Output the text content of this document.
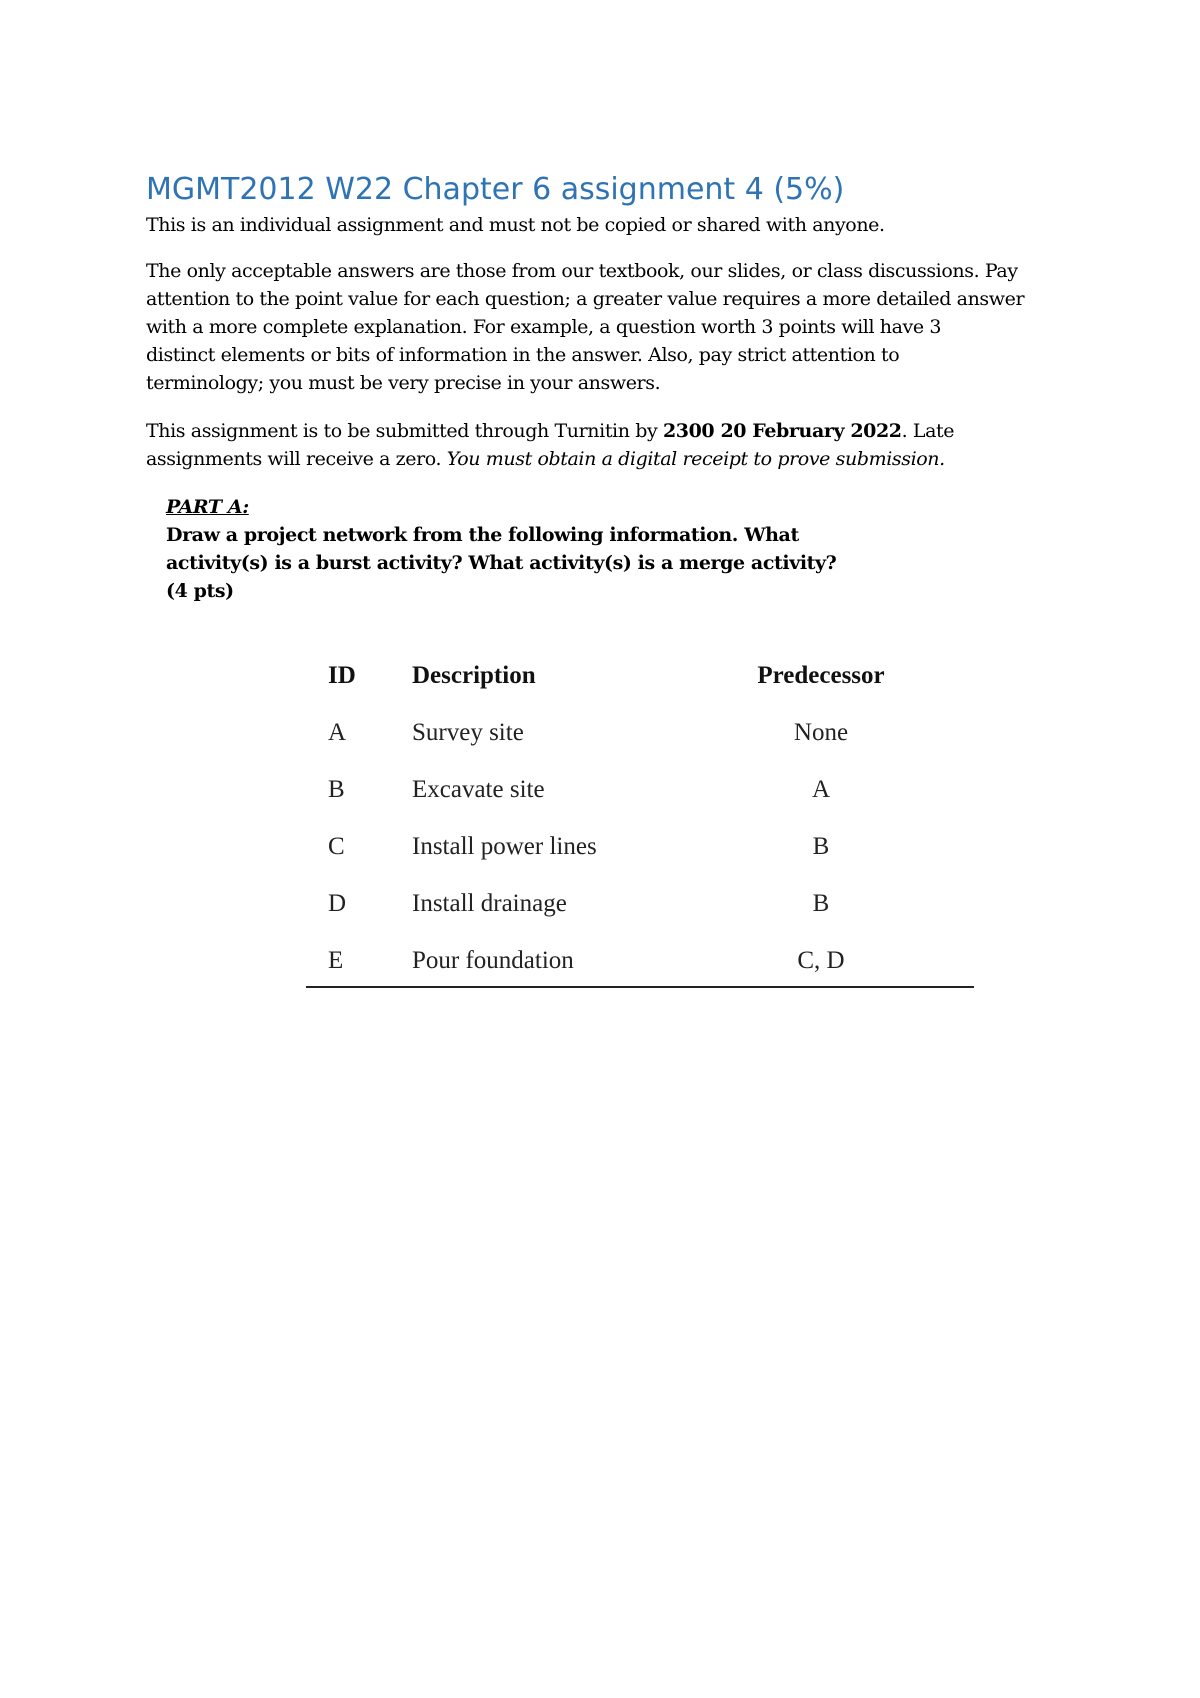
MGMT2012 W22 Chapter 6 assignment 4 (5%)

This is an individual assignment and must not be copied or shared with anyone.

The only acceptable answers are those from our textbook, our slides, or class discussions. Pay
attention to the point value for each question; a greater value requires a more detailed answer
with a more complete explanation. For example, a question worth 3 points will have 3
distinct elements or bits of information in the answer. Also, pay strict attention to
terminology; you must be very precise in your answers.

This assignment is to be submitted through Turnitin by 2300 20 February 2022. Late
assignments will receive a zero. You must obtain a digital receipt to prove submission.

PART A:
Draw a project network from the following information. What
activity(s) is a burst activity? What activity(s) is a merge activity?
(4 pts)
ID Description	Predecessor
A	Survey site	None
B	Excavate site	A
C	Install power lines	B
D	Install drainage	B
E	Pour foundation	C, D
